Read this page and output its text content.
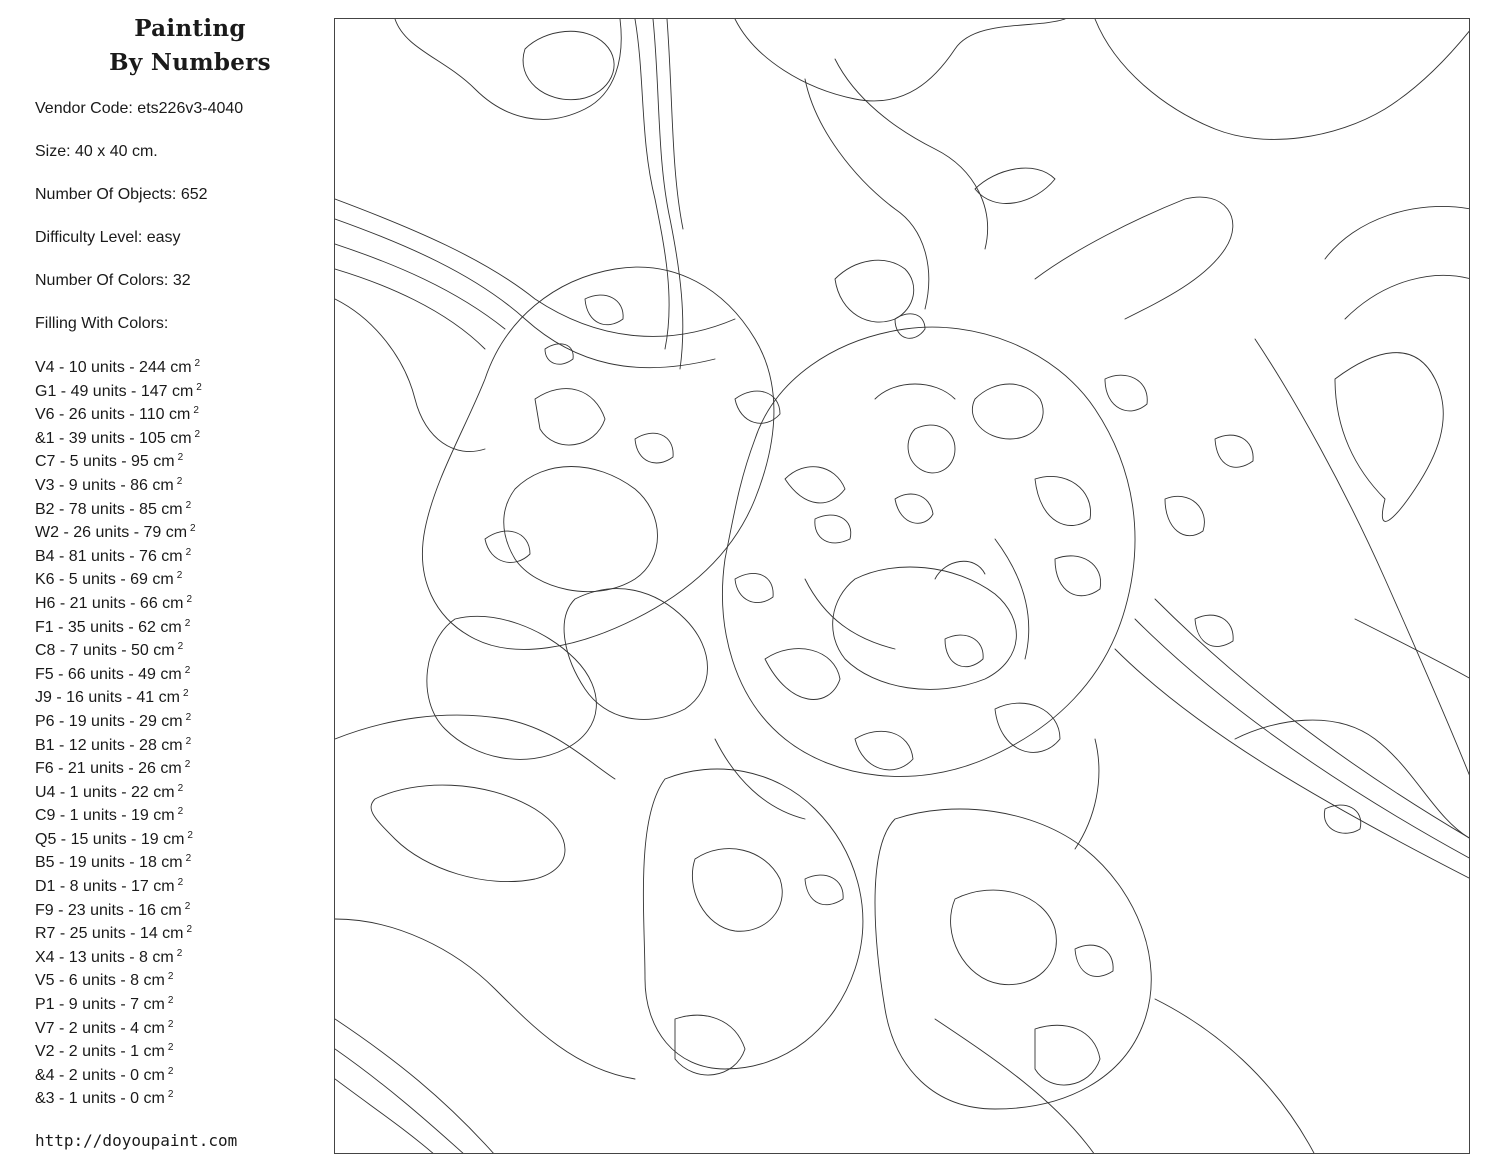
Painting
By Numbers
Vendor Code: ets226v3-4040
Size: 40 x 40 cm.
Number Of Objects: 652
Difficulty Level: easy
Number Of Colors: 32
Filling With Colors:
V4 - 10 units - 244 cm $^2$
G1 - 49 units - 147 cm $^2$
V6 - 26 units - 110 cm $^2$
&1 - 39 units - 105 cm $^2$
C7 - 5 units - 95 cm $^2$
V3 - 9 units - 86 cm $^2$
B2 - 78 units - 85 cm $^2$
W2 - 26 units - 79 cm $^2$
B4 - 81 units - 76 cm $^2$
K6 - 5 units - 69 cm $^2$
H6 - 21 units - 66 cm $^2$
F1 - 35 units - 62 cm $^2$
C8 - 7 units - 50 cm $^2$
F5 - 66 units - 49 cm $^2$
J9 - 16 units - 41 cm $^2$
P6 - 19 units - 29 cm $^2$
B1 - 12 units - 28 cm $^2$
F6 - 21 units - 26 cm $^2$
U4 - 1 units - 22 cm $^2$
C9 - 1 units - 19 cm $^2$
Q5 - 15 units - 19 cm $^2$
B5 - 19 units - 18 cm $^2$
D1 - 8 units - 17 cm $^2$
F9 - 23 units - 16 cm $^2$
R7 - 25 units - 14 cm $^2$
X4 - 13 units - 8 cm $^2$
V5 - 6 units - 8 cm $^2$
P1 - 9 units - 7 cm $^2$
V7 - 2 units - 4 cm $^2$
V2 - 2 units - 1 cm $^2$
&4 - 2 units - 0 cm $^2$
&3 - 1 units - 0 cm $^2$
http://doyoupaint.com
